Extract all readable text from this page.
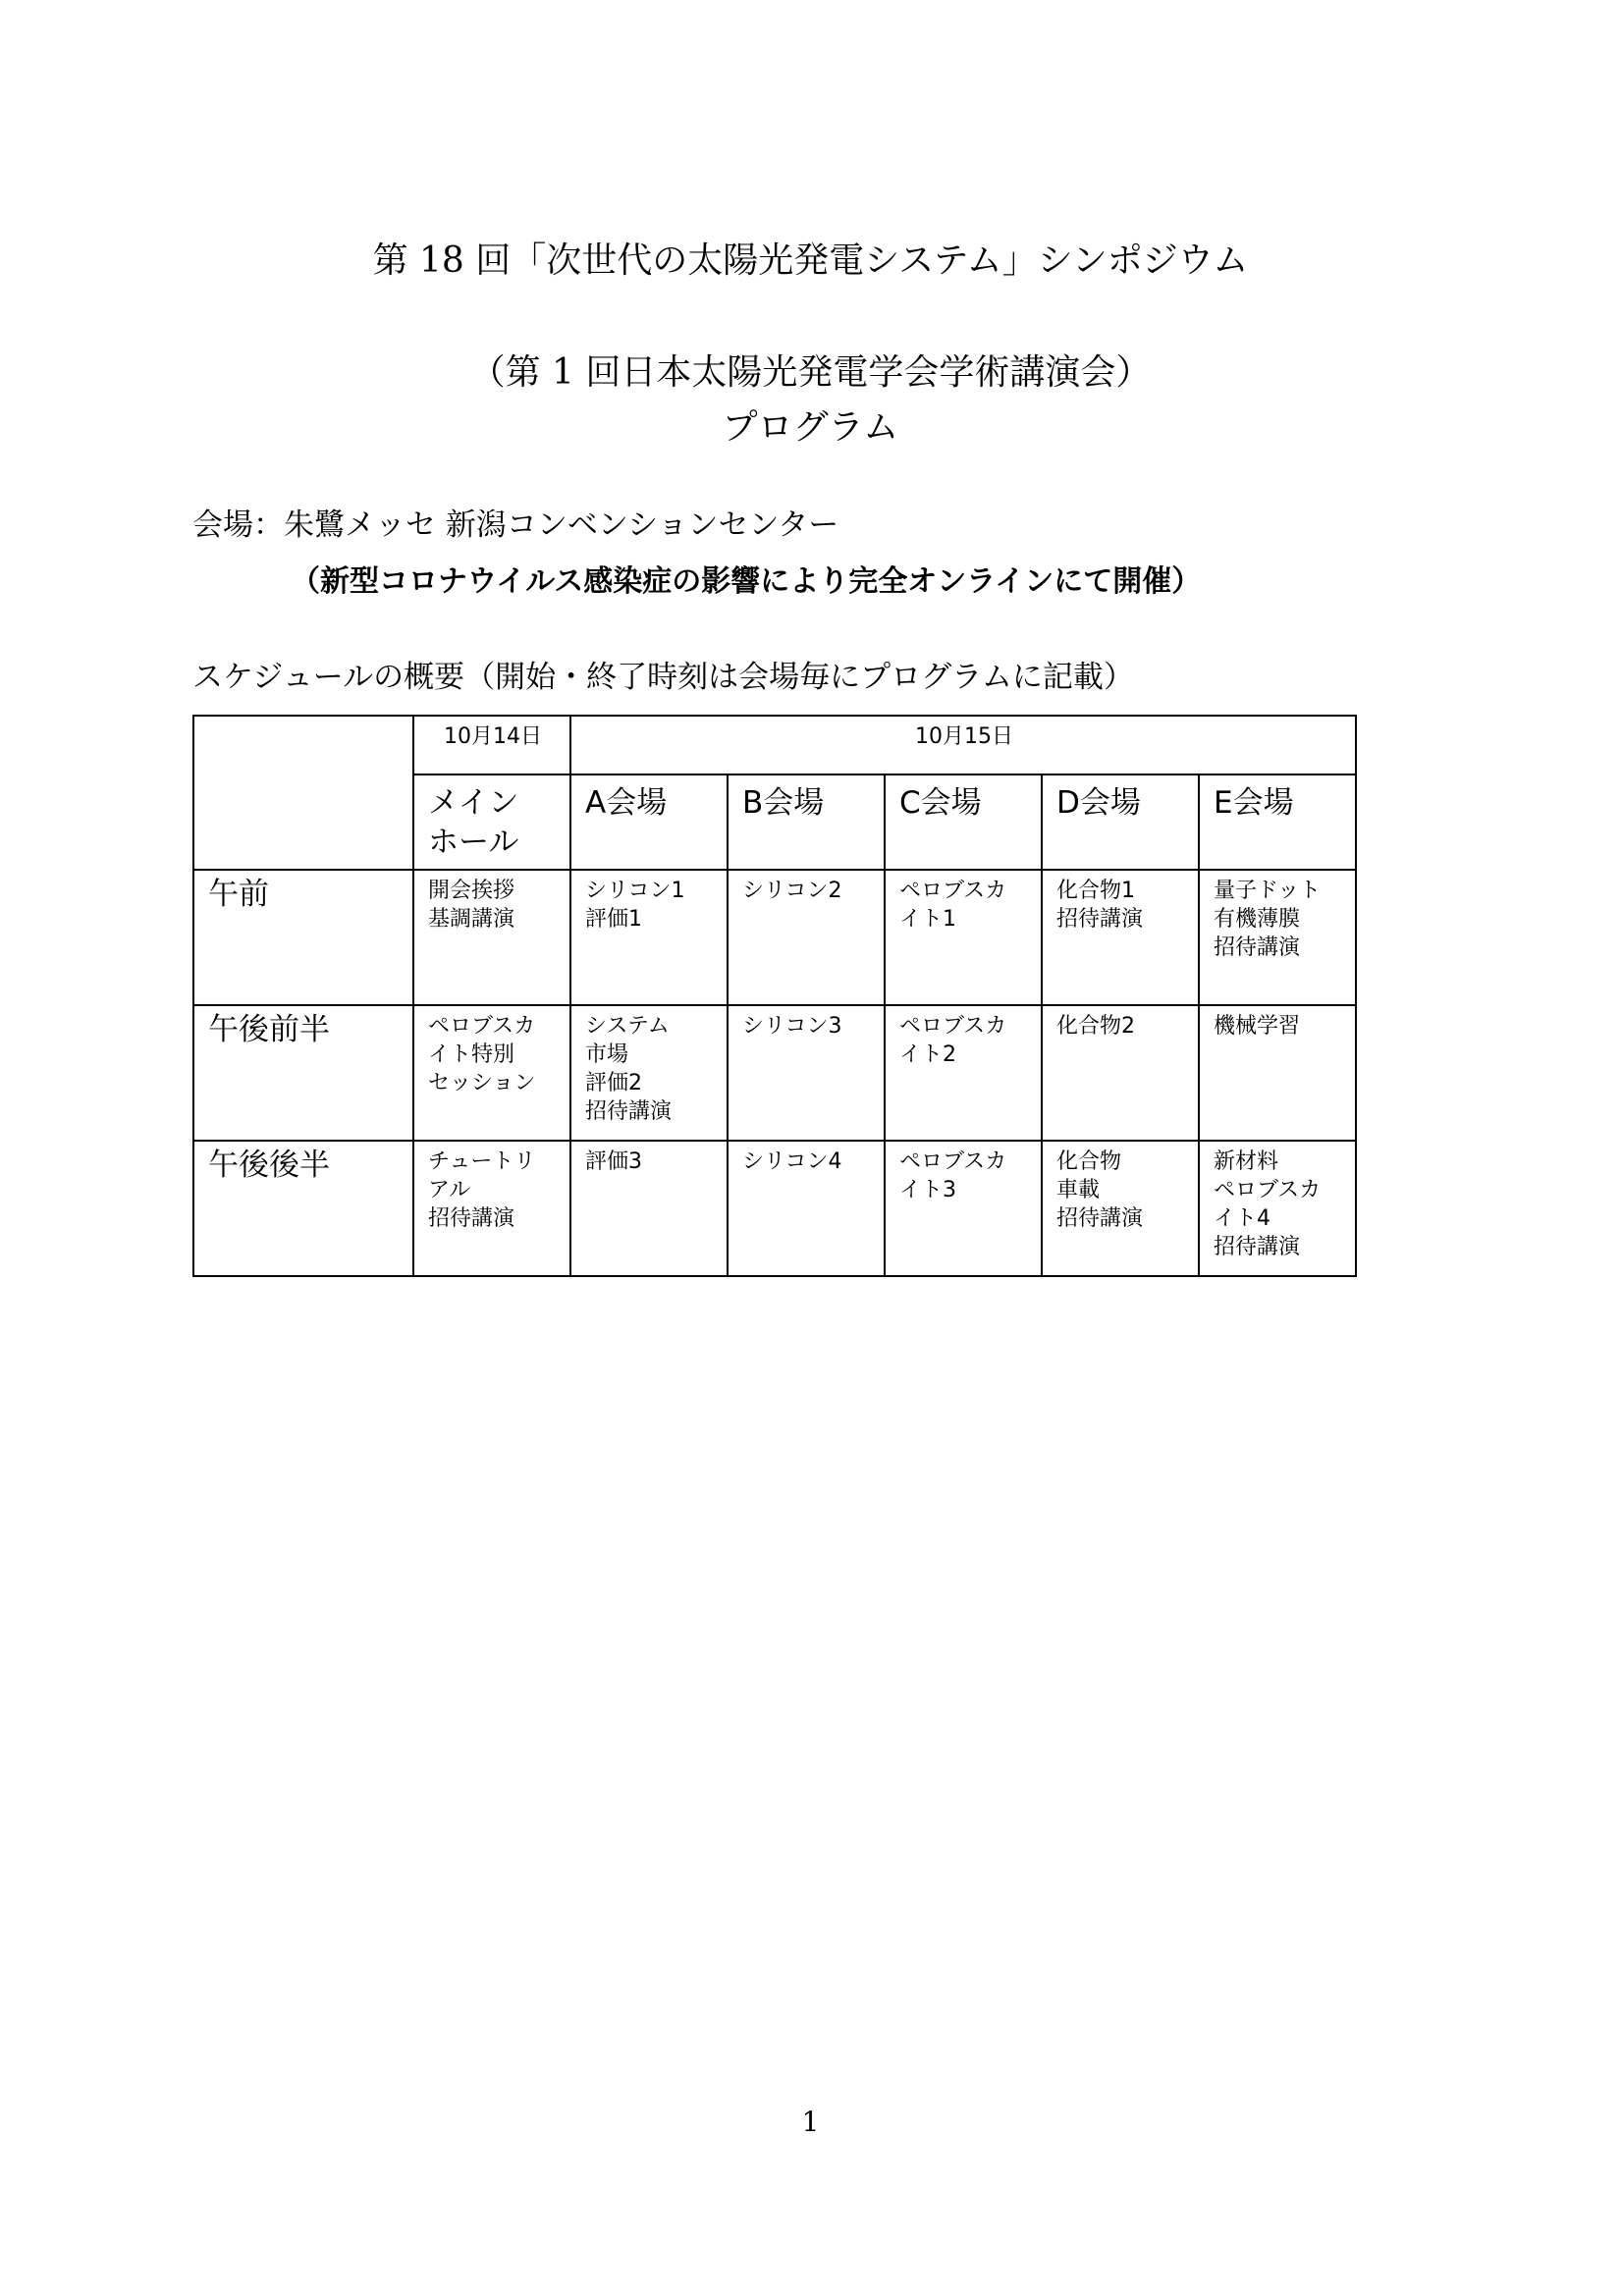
第 18 回「次世代の太陽光発電システム」シンポジウム
（第 1 回日本太陽光発電学会学術講演会）
プログラム
会場：朱鷺メッセ 新潟コンベンションセンター
（新型コロナウイルス感染症の影響により完全オンラインにて開催）
スケジュールの概要（開始・終了時刻は会場毎にプログラムに記載）
	10月14日	10月15日				

	メイン
ホール	A会場	B会場	C会場	D会場	E会場

午前	開会挨拶
基調講演	シリコン1
評価1	シリコン2	ペロブスカ
イト1	化合物1
招待講演	量子ドット
有機薄膜
招待講演

午後前半	ペロブスカ
イト特別
セッション	システム
市場
評価2
招待講演	シリコン3	ペロブスカ
イト2	化合物2	機械学習

午後後半	チュートリ
アル
招待講演	評価3	シリコン4	ペロブスカ
イト3	化合物
車載
招待講演	新材料
ペロブスカ
イト4
招待講演
1
